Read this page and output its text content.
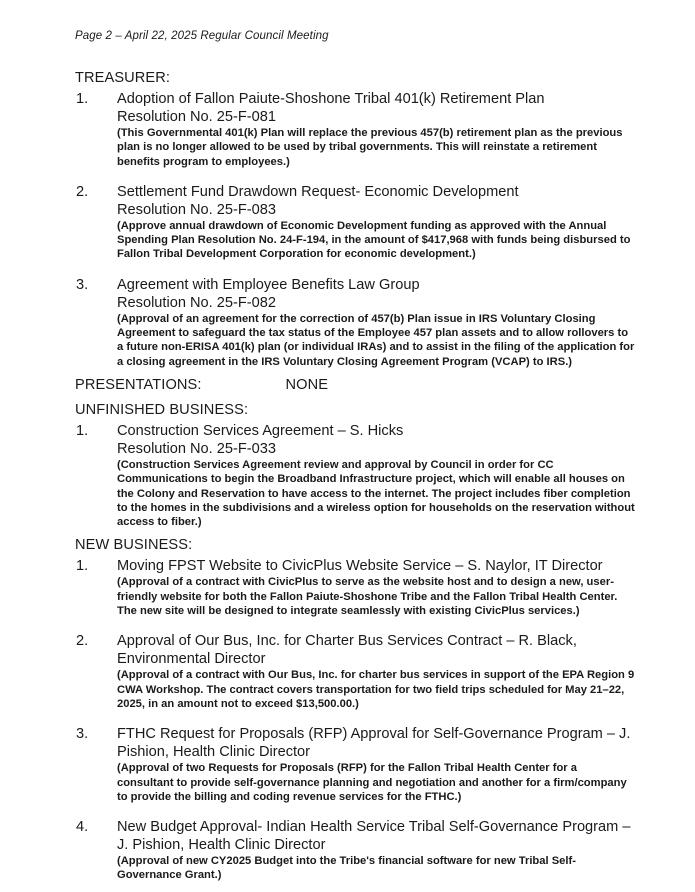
Page 2 – April 22, 2025 Regular Council Meeting
TREASURER:
1. Adoption of Fallon Paiute-Shoshone Tribal 401(k) Retirement Plan
Resolution No. 25-F-081
(This Governmental 401(k) Plan will replace the previous 457(b) retirement plan as the previous plan is no longer allowed to be used by tribal governments. This will reinstate a retirement benefits program to employees.)
2. Settlement Fund Drawdown Request- Economic Development
Resolution No. 25-F-083
(Approve annual drawdown of Economic Development funding as approved with the Annual Spending Plan Resolution No. 24-F-194, in the amount of $417,968 with funds being disbursed to Fallon Tribal Development Corporation for economic development.)
3. Agreement with Employee Benefits Law Group
Resolution No. 25-F-082
(Approval of an agreement for the correction of 457(b) Plan issue in IRS Voluntary Closing Agreement to safeguard the tax status of the Employee 457 plan assets and to allow rollovers to a future non-ERISA 401(k) plan (or individual IRAs) and to assist in the filing of the application for a closing agreement in the IRS Voluntary Closing Agreement Program (VCAP) to IRS.)
PRESENTATIONS:	NONE
UNFINISHED BUSINESS:
1. Construction Services Agreement – S. Hicks
Resolution No. 25-F-033
(Construction Services Agreement review and approval by Council in order for CC Communications to begin the Broadband Infrastructure project, which will enable all houses on the Colony and Reservation to have access to the internet. The project includes fiber completion to the homes in the subdivisions and a wireless option for households on the reservation without access to fiber.)
NEW BUSINESS:
1. Moving FPST Website to CivicPlus Website Service – S. Naylor, IT Director
(Approval of a contract with CivicPlus to serve as the website host and to design a new, user-friendly website for both the Fallon Paiute-Shoshone Tribe and the Fallon Tribal Health Center. The new site will be designed to integrate seamlessly with existing CivicPlus services.)
2. Approval of Our Bus, Inc. for Charter Bus Services Contract – R. Black, Environmental Director
(Approval of a contract with Our Bus, Inc. for charter bus services in support of the EPA Region 9 CWA Workshop. The contract covers transportation for two field trips scheduled for May 21–22, 2025, in an amount not to exceed $13,500.00.)
3. FTHC Request for Proposals (RFP) Approval for Self-Governance Program – J. Pishion, Health Clinic Director
(Approval of two Requests for Proposals (RFP) for the Fallon Tribal Health Center for a consultant to provide self-governance planning and negotiation and another for a firm/company to provide the billing and coding revenue services for the FTHC.)
4. New Budget Approval- Indian Health Service Tribal Self-Governance Program – J. Pishion, Health Clinic Director
(Approval of new CY2025 Budget into the Tribe's financial software for new Tribal Self-Governance Grant.)
